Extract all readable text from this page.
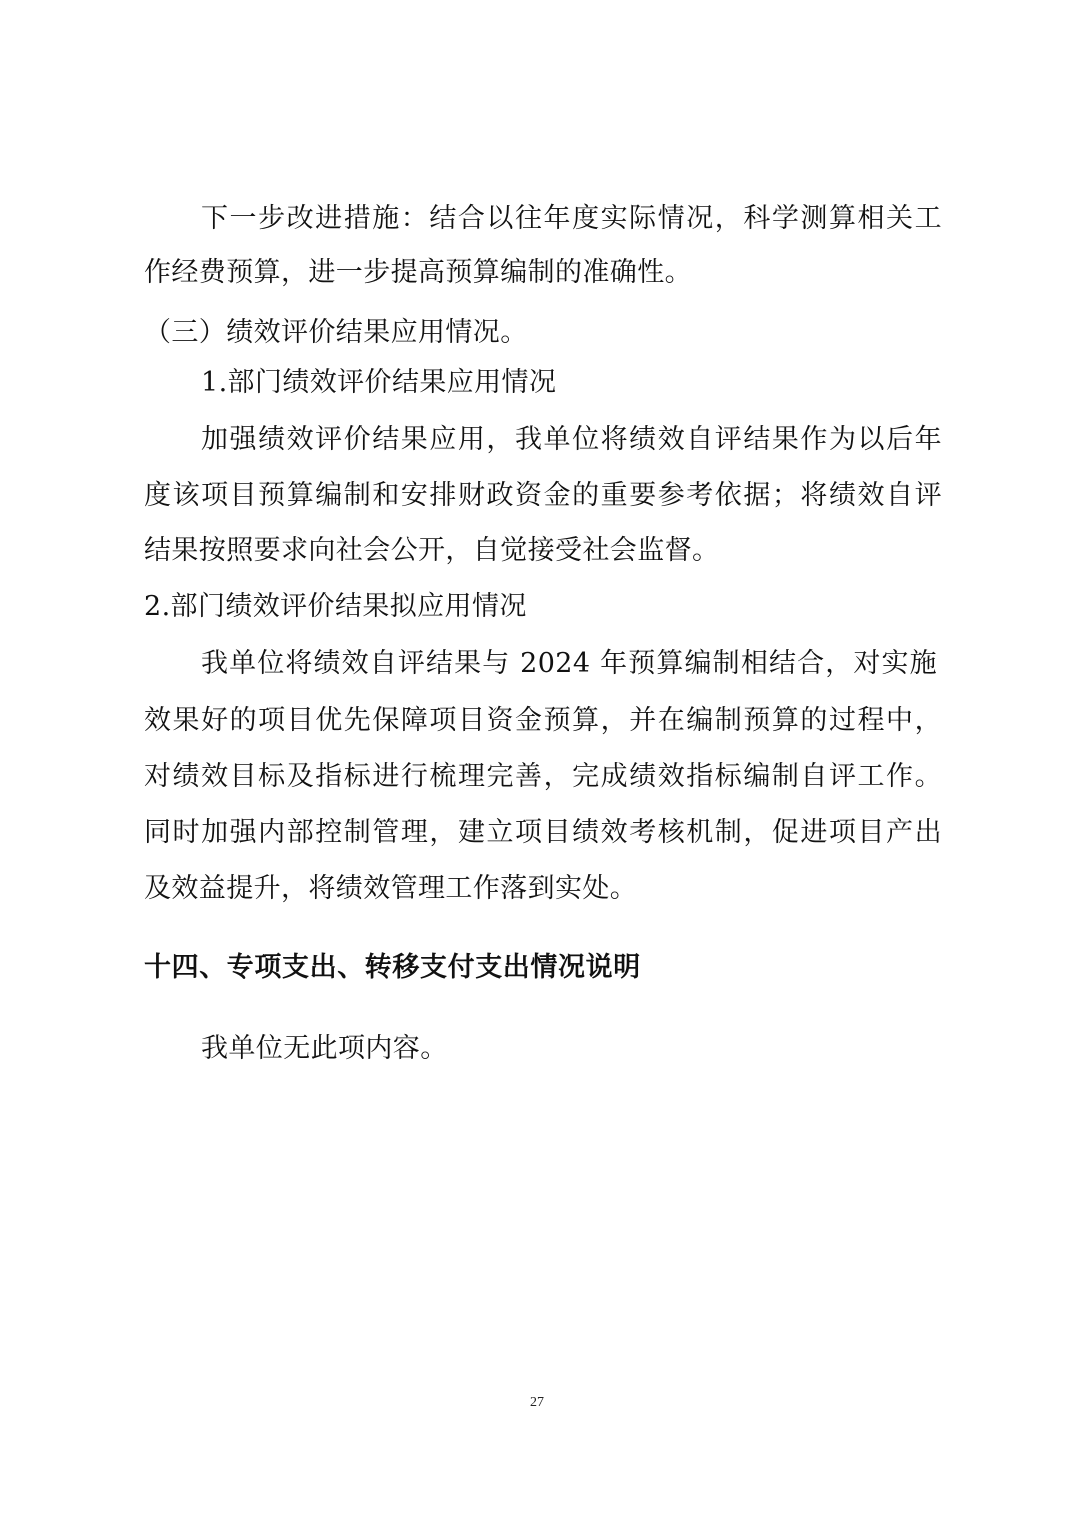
下一步改进措施：结合以往年度实际情况，科学测算相关工
作经费预算，进一步提高预算编制的准确性。
（三）绩效评价结果应用情况。
1.部门绩效评价结果应用情况
加强绩效评价结果应用，我单位将绩效自评结果作为以后年
度该项目预算编制和安排财政资金的重要参考依据；将绩效自评
结果按照要求向社会公开，自觉接受社会监督。
2.部门绩效评价结果拟应用情况
我单位将绩效自评结果与 2024 年预算编制相结合，对实施
效果好的项目优先保障项目资金预算，并在编制预算的过程中，
对绩效目标及指标进行梳理完善，完成绩效指标编制自评工作。
同时加强内部控制管理，建立项目绩效考核机制，促进项目产出
及效益提升，将绩效管理工作落到实处。
十四、专项支出、转移支付支出情况说明
我单位无此项内容。
27
